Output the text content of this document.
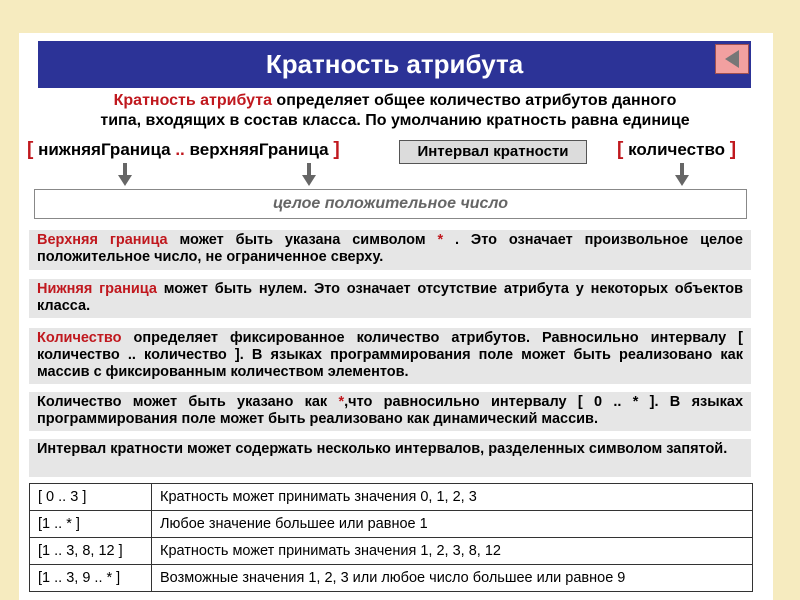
Кратность атрибута
Кратность атрибута определяет общее количество атрибутов данного
типа, входящих в состав класса. По умолчанию кратность равна единице
[ нижняяГраница .. верхняяГраница ]	Интервал кратности	[ количество ]
целое положительное число
Верхняя граница может быть указана символом * . Это означает произвольное целое положительное число, не ограниченное сверху.
Нижняя граница может быть нулем. Это означает отсутствие атрибута у некоторых объектов класса.
Количество определяет фиксированное количество атрибутов. Равносильно интервалу [ количество .. количество ]. В языках программирования поле может быть реализовано как массив с фиксированным количеством элементов.
Количество может быть указано как *,что равносильно интервалу [ 0 .. * ]. В языках программирования поле может быть реализовано как динамический массив.
Интервал кратности может содержать несколько интервалов, разделенных символом запятой.
[ 0 .. 3 ]	Кратность может принимать значения 0, 1, 2, 3
[1 .. * ]	Любое значение большее или равное 1
[1 .. 3, 8, 12 ]	Кратность может принимать значения 1, 2, 3, 8, 12
[1 .. 3, 9 .. * ]	Возможные значения 1, 2, 3 или любое число большее или равное 9
